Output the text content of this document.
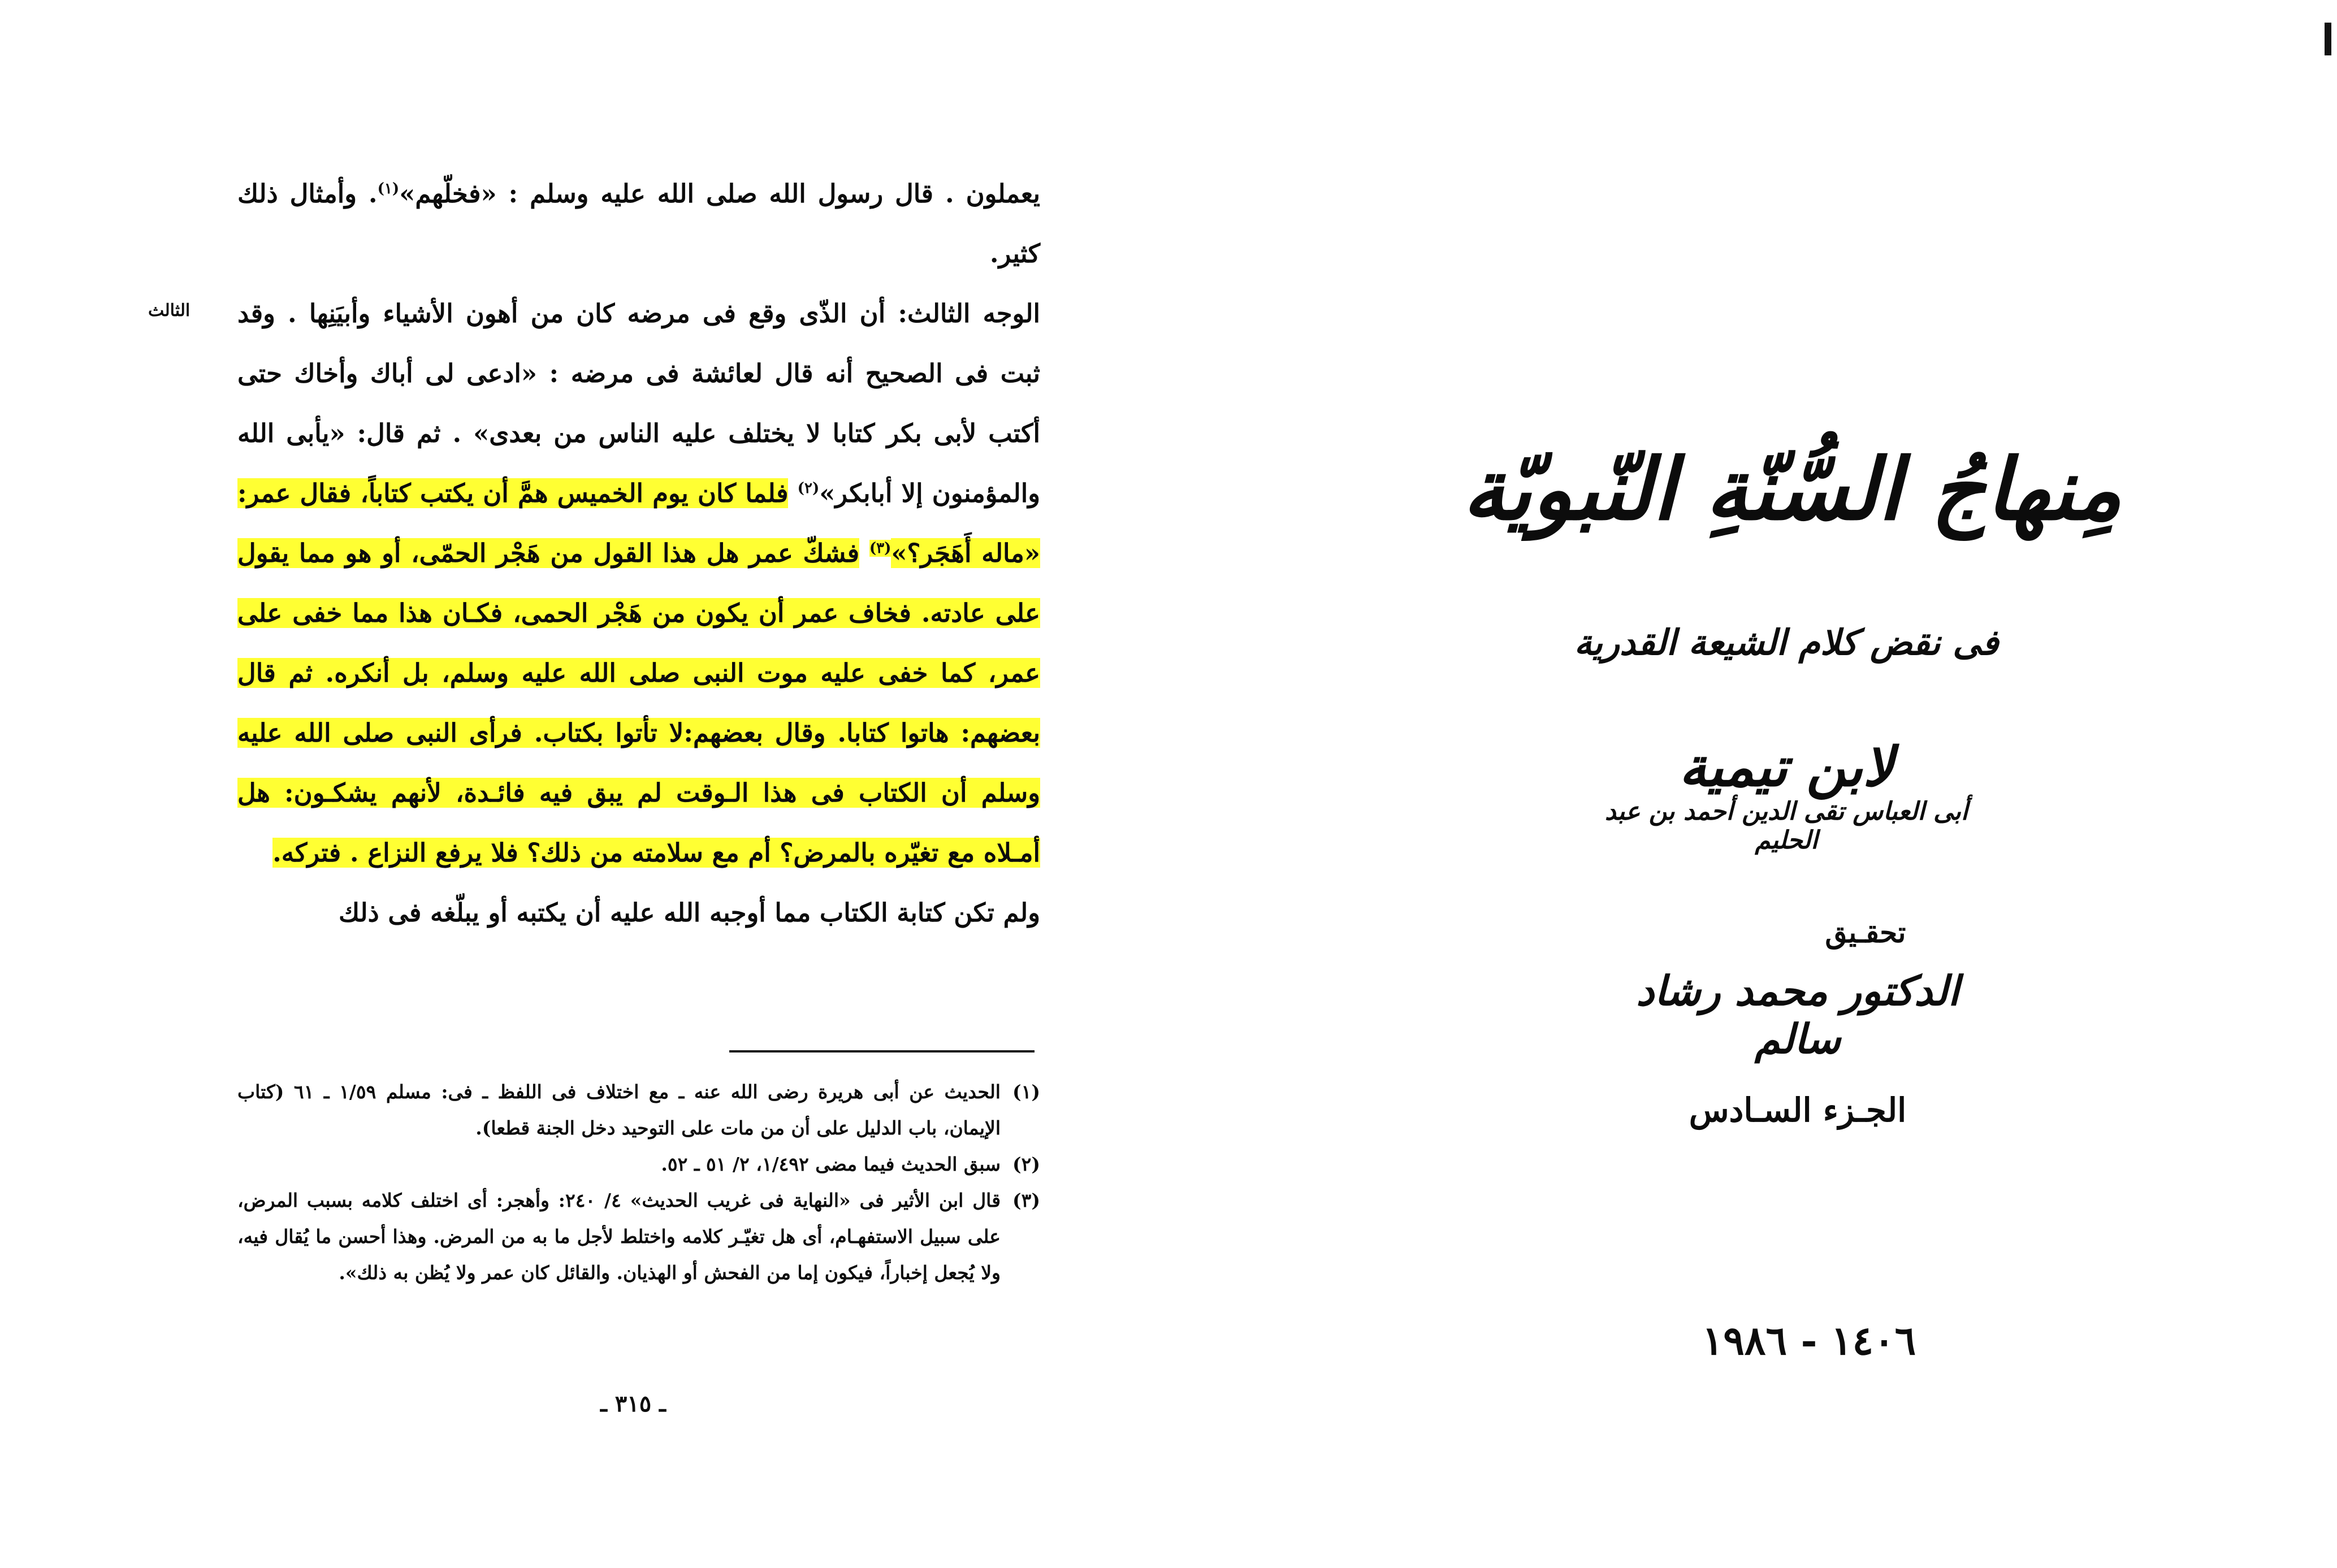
يعملون . قال رسول الله صلى الله عليه وسلم : «فخلّهم»$^{(١)}$. وأمثال ذلك كثير.

الوجه الثالث: أن الذّى وقع فى مرضه كان من أهون الأشياء وأبيَنِها . وقد ثبت فى الصحيح أنه قال لعائشة فى مرضه : «ادعى لى أباك وأخاك حتى أكتب لأبى بكر كتابا لا يختلف عليه الناس من بعدى» . ثم قال: «يأبى الله والمؤمنون إلا أبابكر»$^{(٢)}$ فلما كان يوم الخميس همَّ أن يكتب كتاباً، فقال عمر: «ماله أَهَجَر؟»$^{(٣)}$ فشكّ عمر هل هذا القول من هَجْر الحمّى، أو هو مما يقول على عادته. فخاف عمر أن يكون من هَجْر الحمى، فكـان هذا مما خفى على عمر، كما خفى عليه موت النبى صلى الله عليه وسلم، بل أنكره. ثم قال بعضهم: هاتوا كتابا. وقال بعضهم:لا تأتوا بكتاب. فرأى النبى صلى الله عليه وسلم أن الكتاب فى هذا الـوقت لم يبق فيه فائـدة، لأنهم يشكـون: هل أمـلاه مع تغيّره بالمرض؟ أم مع سلامته من ذلك؟ فلا يرفع النزاع . فتركه.

ولم تكن كتابة الكتاب مما أوجبه الله عليه أن يكتبه أو يبلّغه فى ذلك

الثالث
(١)
الحديث عن أبى هريرة رضى الله عنه ـ مع اختلاف فى اللفظ ـ فى: مسلم ١/٥٩ ـ ٦١ (كتاب الإيمان، باب الدليل على أن من مات على التوحيد دخل الجنة قطعا).
(٢)
سبق الحديث فيما مضى ١/٤٩٢، ٢/ ٥١ ـ ٥٢.
(٣)
قال ابن الأثير فى «النهاية فى غريب الحديث» ٤/ ٢٤٠: وأهجر: أى اختلف كلامه بسبب المرض، على سبيل الاستفهـام، أى هل تغيّـر كلامه واختلط لأجل ما به من المرض. وهذا أحسن ما يُقال فيه، ولا يُجعل إخباراً، فيكون إما من الفحش أو الهذيان. والقائل كان عمر ولا يُظن به ذلك».
ـ ٣١٥ ـ
مِنهاجُ السُّنّةِ النّبويّة
فى نقض كلام الشيعة القدرية
لابن تيمية
أبى العباس تقى الدين أحمد بن عبد الحليم
تحقـيق
الدكتور محمد رشاد سالم
الجـزء السـادس
١٤٠٦ - ١٩٨٦
